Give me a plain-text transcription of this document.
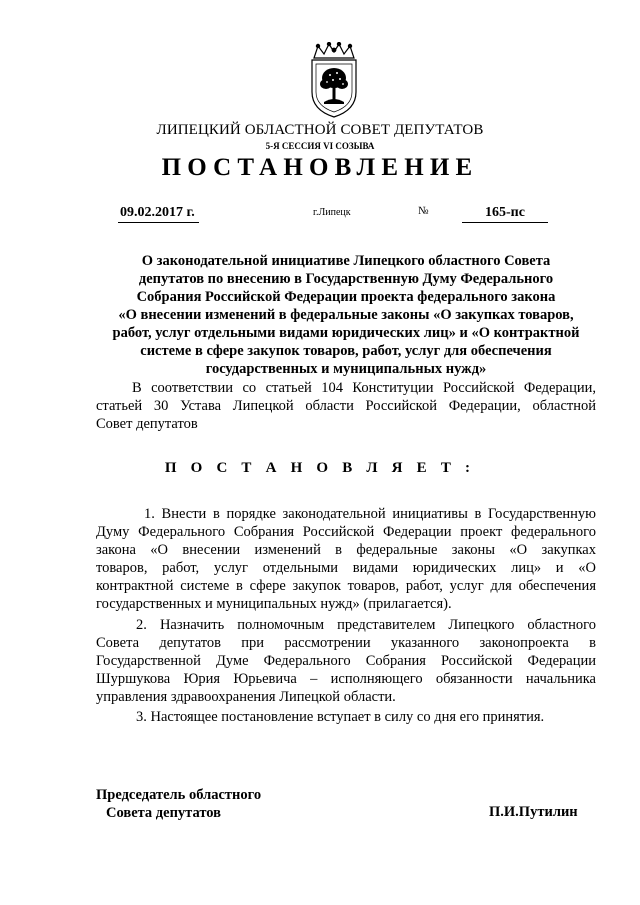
ЛИПЕЦКИЙ ОБЛАСТНОЙ СОВЕТ ДЕПУТАТОВ
5-Я СЕССИЯ VI СОЗЫВА
ПОСТАНОВЛЕНИЕ
09.02.2017 г.	г.Липецк	№	165-пс
О законодательной инициативе Липецкого областного Совета
депутатов по внесению в Государственную Думу Федерального
Собрания Российской Федерации проекта федерального закона
«О внесении изменений в федеральные законы «О закупках товаров,
работ, услуг отдельными видами юридических лиц» и «О контрактной
системе в сфере закупок товаров, работ, услуг для обеспечения
государственных и муниципальных нужд»
В соответствии со статьей 104 Конституции Российской Федерации,
статьей 30 Устава Липецкой области Российской Федерации, областной
Совет депутатов
П О С Т А Н О В Л Я Е Т :
1. Внести в порядке законодательной инициативы в Государственную
Думу Федерального Собрания Российской Федерации проект федерального
закона «О внесении изменений в федеральные законы «О закупках
товаров, работ, услуг отдельными видами юридических лиц» и «О
контрактной системе в сфере закупок товаров, работ, услуг для обеспечения
государственных и муниципальных нужд» (прилагается).
2. Назначить полномочным представителем Липецкого областного
Совета депутатов при рассмотрении указанного законопроекта в
Государственной Думе Федерального Собрания Российской Федерации
Шуршукова Юрия Юрьевича – исполняющего обязанности начальника
управления здравоохранения Липецкой области.
3. Настоящее постановление вступает в силу со дня его принятия.
Председатель областного
Совета депутатов	П.И.Путилин
